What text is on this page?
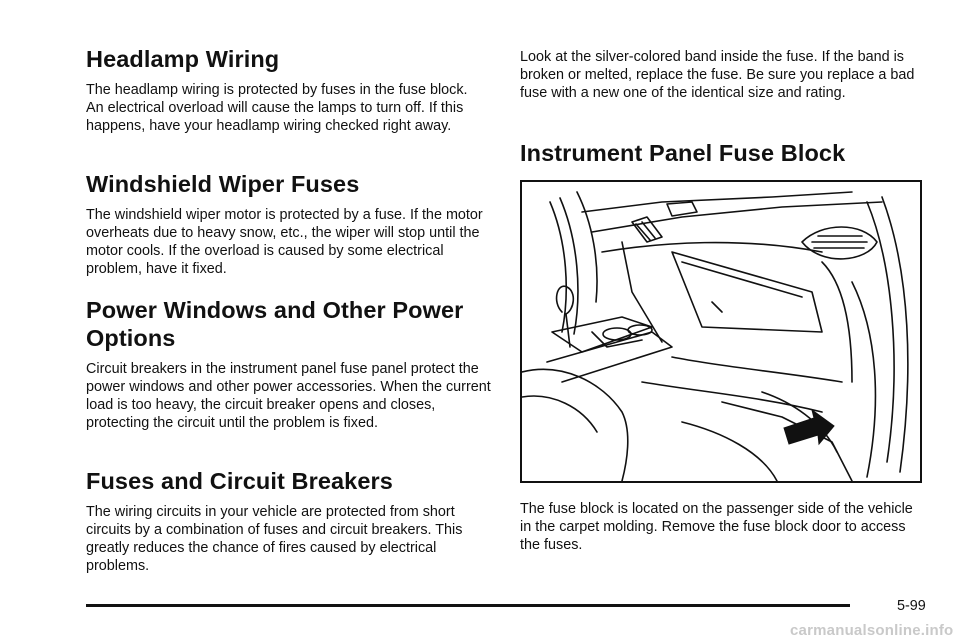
Headlamp Wiring

The headlamp wiring is protected by fuses in the fuse block. An electrical overload will cause the lamps to turn off. If this happens, have your headlamp wiring checked right away.

Windshield Wiper Fuses

The windshield wiper motor is protected by a fuse. If the motor overheats due to heavy snow, etc., the wiper will stop until the motor cools. If the overload is caused by some electrical problem, have it fixed.

Power Windows and Other Power
Options

Circuit breakers in the instrument panel fuse panel protect the power windows and other power accessories. When the current load is too heavy, the circuit breaker opens and closes, protecting the circuit until the problem is fixed.

Fuses and Circuit Breakers

The wiring circuits in your vehicle are protected from short circuits by a combination of fuses and circuit breakers. This greatly reduces the chance of fires caused by electrical problems.

Look at the silver-colored band inside the fuse. If the band is broken or melted, replace the fuse. Be sure you replace a bad fuse with a new one of the identical size and rating.

Instrument Panel Fuse Block

The fuse block is located on the passenger side of the vehicle in the carpet molding. Remove the fuse block door to access the fuses.

5-99
carmanualsonline.info
